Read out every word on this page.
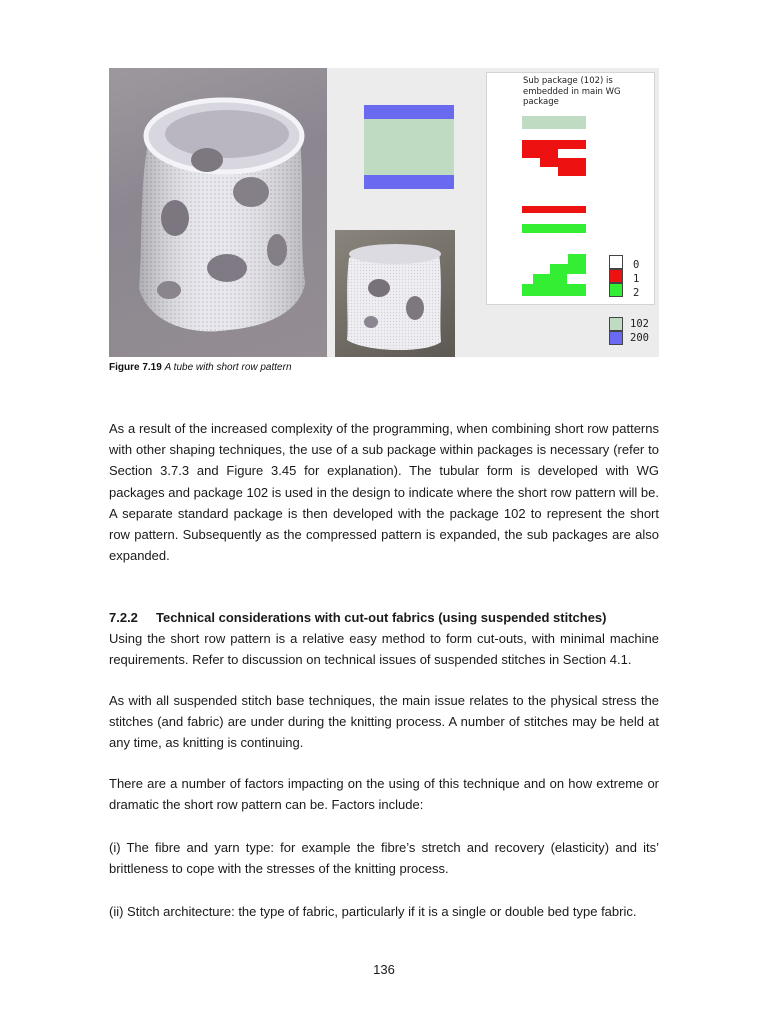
Sub package (102) is embedded in main WG package
0
1
2
102
200
Figure 7.19 A tube with short row pattern

As a result of the increased complexity of the programming, when combining short row patterns with other shaping techniques, the use of a sub package within packages is necessary (refer to Section 3.7.3 and Figure 3.45 for explanation). The tubular form is developed with WG packages and package 102 is used in the design to indicate where the short row pattern will be. A separate standard package is then developed with the package 102 to represent the short row pattern. Subsequently as the compressed pattern is expanded, the sub packages are also expanded.

7.2.2 Technical considerations with cut-out fabrics (using suspended stitches)

Using the short row pattern is a relative easy method to form cut-outs, with minimal machine requirements. Refer to discussion on technical issues of suspended stitches in Section 4.1.

As with all suspended stitch base techniques, the main issue relates to the physical stress the stitches (and fabric) are under during the knitting process. A number of stitches may be held at any time, as knitting is continuing.

There are a number of factors impacting on the using of this technique and on how extreme or dramatic the short row pattern can be. Factors include:

(i) The fibre and yarn type: for example the fibre’s stretch and recovery (elasticity) and its’ brittleness to cope with the stresses of the knitting process.

(ii) Stitch architecture: the type of fabric, particularly if it is a single or double bed type fabric.

136
